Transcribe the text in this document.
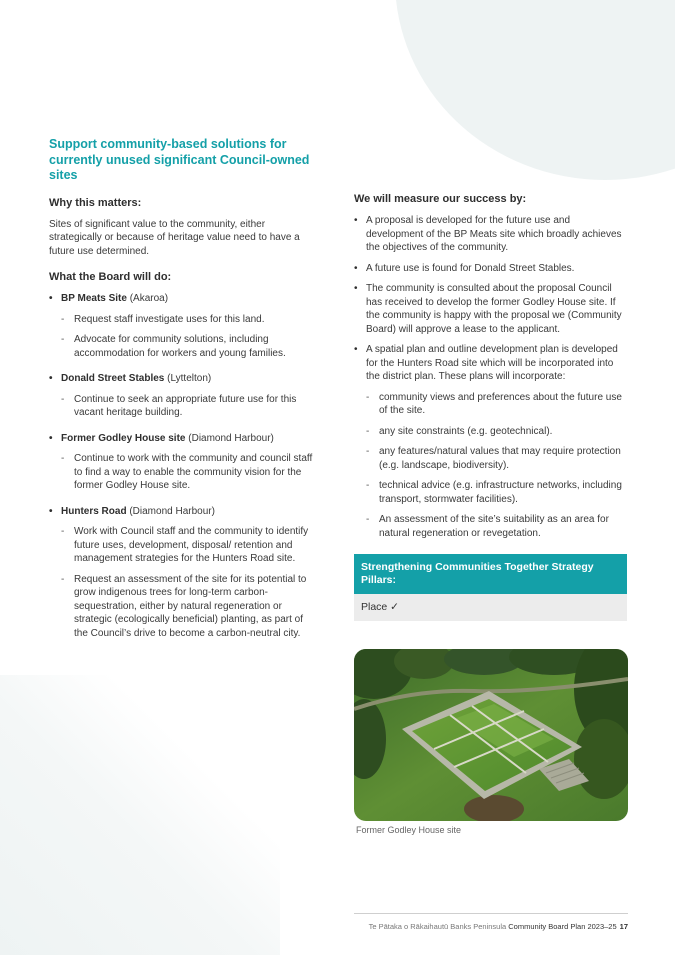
Support community-based solutions for currently unused significant Council-owned sites
Why this matters:

Sites of significant value to the community, either strategically or because of heritage value need to have a future use determined.

What the Board will do:
• BP Meats Site (Akaroa)
- Request staff investigate uses for this land.
- Advocate for community solutions, including accommodation for workers and young families.
• Donald Street Stables (Lyttelton)
- Continue to seek an appropriate future use for this vacant heritage building.
• Former Godley House site (Diamond Harbour)
- Continue to work with the community and council staff to find a way to enable the community vision for the former Godley House site.
• Hunters Road (Diamond Harbour)
- Work with Council staff and the community to identify future uses, development, disposal/ retention and management strategies for the Hunters Road site.
- Request an assessment of the site for its potential to grow indigenous trees for long-term carbon-sequestration, either by natural regeneration or strategic (ecologically beneficial) planting, as part of the Council’s drive to become a carbon-neutral city.
We will measure our success by:
• A proposal is developed for the future use and development of the BP Meats site which broadly achieves the objectives of the community.
• A future use is found for Donald Street Stables.
• The community is consulted about the proposal Council has received to develop the former Godley House site. If the community is happy with the proposal we (Community Board) will approve a lease to the applicant.
• A spatial plan and outline development plan is developed for the Hunters Road site which will be incorporated into the district plan. These plans will incorporate:
- community views and preferences about the future use of the site.
- any site constraints (e.g. geotechnical).
- any features/natural values that may require protection (e.g. landscape, biodiversity).
- technical advice (e.g. infrastructure networks, including transport, stormwater facilities).
- An assessment of the site’s suitability as an area for natural regeneration or revegetation.
Strengthening Communities Together Strategy Pillars:
Place ✓
Former Godley House site
Te Pātaka o Rākaihautū Banks Peninsula Community Board Plan 2023–25 17
